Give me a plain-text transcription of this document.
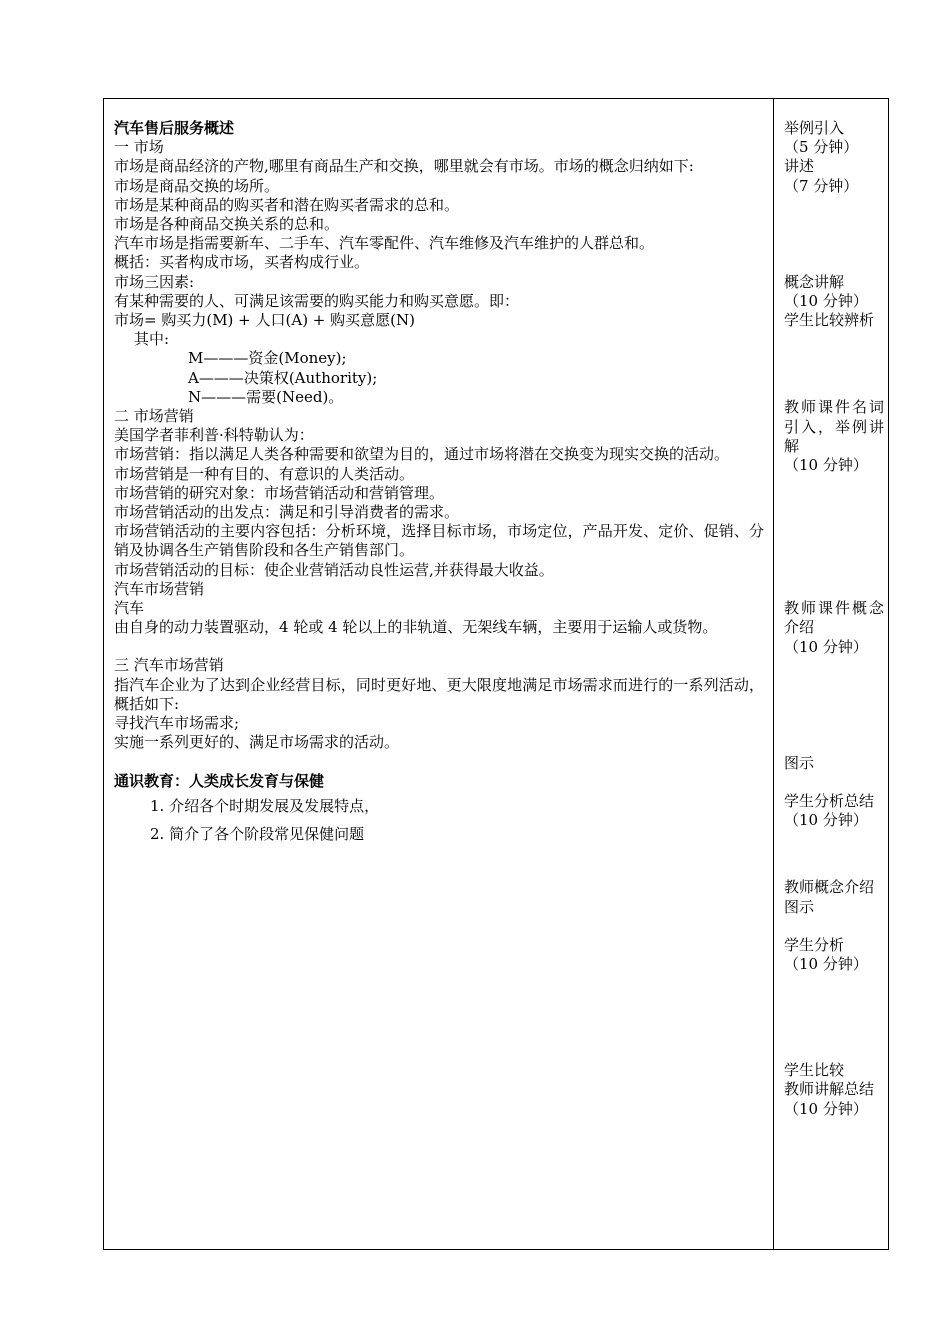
汽车售后服务概述

一 市场

市场是商品经济的产物,哪里有商品生产和交换，哪里就会有市场。市场的概念归纳如下:

市场是商品交换的场所。

市场是某种商品的购买者和潜在购买者需求的总和。

市场是各种商品交换关系的总和。

汽车市场是指需要新车、二手车、汽车零配件、汽车维修及汽车维护的人群总和。

概括：买者构成市场，买者构成行业。

市场三因素:

有某种需要的人、可满足该需要的购买能力和购买意愿。即：

市场= 购买力(M) + 人口(A) + 购买意愿(N)

其中:

M———资金(Money);

A———决策权(Authority);

N———需要(Need)。

二 市场营销

美国学者菲利普·科特勒认为：

市场营销：指以满足人类各种需要和欲望为目的，通过市场将潜在交换变为现实交换的活动。

市场营销是一种有目的、有意识的人类活动。

市场营销的研究对象：市场营销活动和营销管理。

市场营销活动的出发点：满足和引导消费者的需求。

市场营销活动的主要内容包括：分析环境，选择目标市场，市场定位，产品开发、定价、促销、分销及协调各生产销售阶段和各生产销售部门。

市场营销活动的目标：使企业营销活动良性运营,并获得最大收益。

汽车市场营销

汽车

由自身的动力装置驱动，4 轮或 4 轮以上的非轨道、无架线车辆，主要用于运输人或货物。

三 汽车市场营销

指汽车企业为了达到企业经营目标，同时更好地、更大限度地满足市场需求而进行的一系列活动，概括如下:

寻找汽车市场需求;

实施一系列更好的、满足市场需求的活动。

通识教育：人类成长发育与保健

1. 介绍各个时期发展及发展特点，

2. 简介了各个阶段常见保健问题

举例引入

（5 分钟）

讲述

（7 分钟）

概念讲解

（10 分钟）

学生比较辨析

教师课件名词引入，举例讲解

（10 分钟）

教师课件概念介绍

（10 分钟）

图示

学生分析总结

（10 分钟）

教师概念介绍

图示

学生分析

（10 分钟）

学生比较

教师讲解总结

（10 分钟）
